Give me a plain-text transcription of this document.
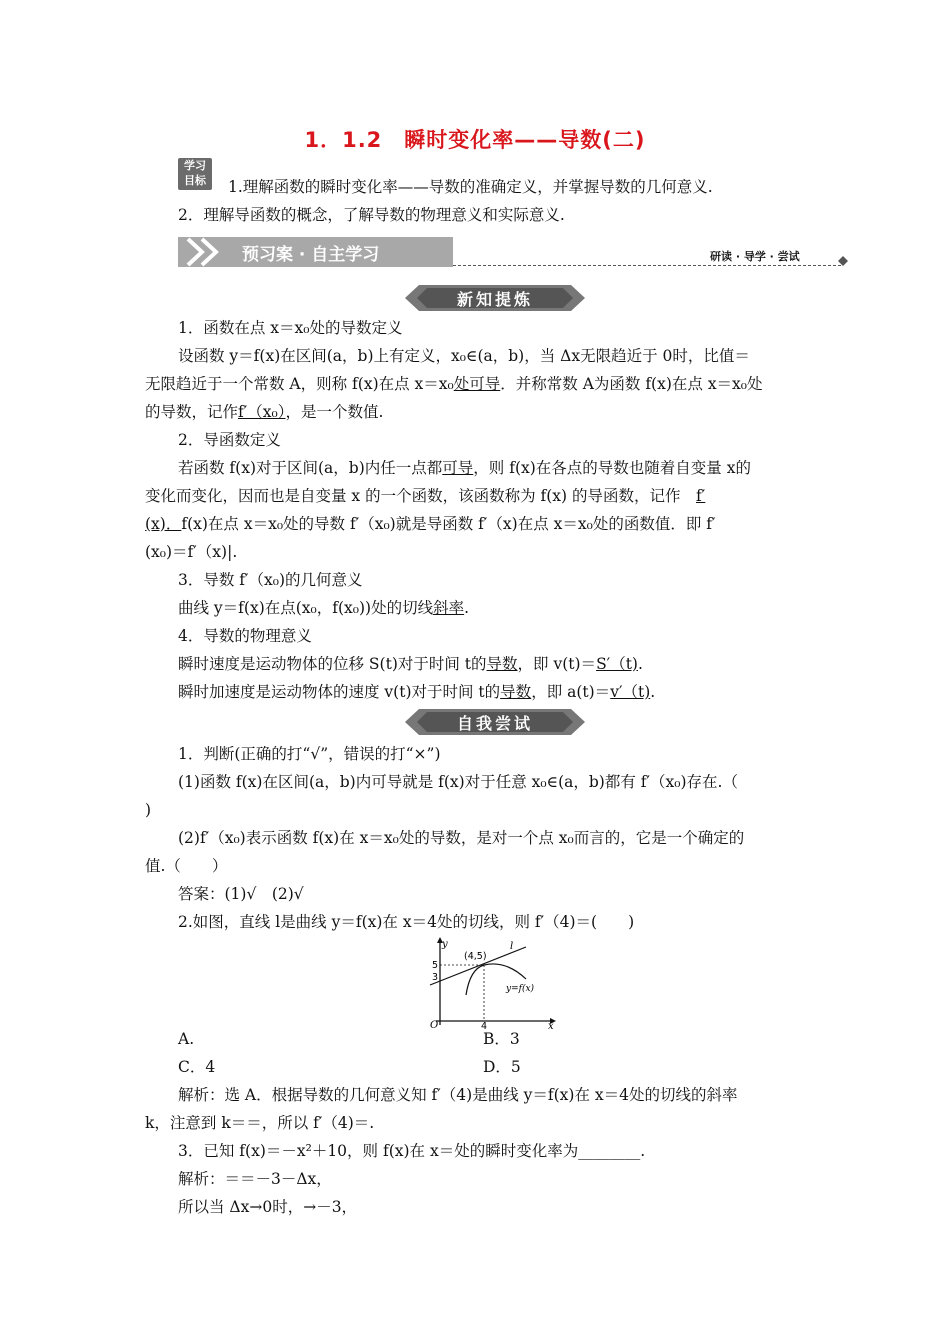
1．1.2　瞬时变化率——导数(二)
学习
目标	1.理解函数的瞬时变化率——导数的准确定义，并掌握导数的几何意义.
2．理解导函数的概念，了解导数的物理意义和实际意义.
预习案 · 自主学习	研读 · 导学 · 尝试
新知提炼
1．函数在点 x＝x₀处的导数定义
设函数 y＝f(x)在区间(a，b)上有定义，x₀∈(a，b)，当 Δx无限趋近于 0时，比值＝
无限趋近于一个常数 A，则称 f(x)在点 x＝x₀处可导．并称常数 A为函数 f(x)在点 x＝x₀处
的导数，记作f′（x₀），是一个数值.
2．导函数定义
若函数 f(x)对于区间(a，b)内任一点都可导，则 f(x)在各点的导数也随着自变量 x的
变化而变化，因而也是自变量 x 的一个函数，该函数称为 f(x) 的导函数，记作　 f′
(x)．f(x)在点 x＝x₀处的导数 f′（x₀)就是导函数 f′（x)在点 x＝x₀处的函数值．即 f′
(x₀)＝f′（x)|.
3．导数 f′（x₀)的几何意义
曲线 y＝f(x)在点(x₀，f(x₀))处的切线斜率.
4．导数的物理意义
瞬时速度是运动物体的位移 S(t)对于时间 t的导数，即 v(t)＝S′（t).
瞬时加速度是运动物体的速度 v(t)对于时间 t的导数，即 a(t)＝v′（t).
自我尝试
1．判断(正确的打“√”，错误的打“×”)
(1)函数 f(x)在区间(a，b)内可导就是 f(x)对于任意 x₀∈(a，b)都有 f′（x₀)存在.（
)
(2)f′（x₀)表示函数 f(x)在 x＝x₀处的导数，是对一个点 x₀而言的，它是一个确定的
值.（　　）
答案：(1)√　(2)√
2.如图，直线 l是曲线 y＝f(x)在 x＝4处的切线，则 f′（4)＝(　　)
y
x
O
(4,5)
5
3
4
l
y=f(x)
A.	B．3
C．4	D．5
解析：选 A．根据导数的几何意义知 f′（4)是曲线 y＝f(x)在 x＝4处的切线的斜率
k，注意到 k＝＝，所以 f′（4)＝.
3．已知 f(x)＝－x²＋10，则 f(x)在 x＝处的瞬时变化率为________.
解析：＝＝－3－Δx，
所以当 Δx→0时，→－3，
